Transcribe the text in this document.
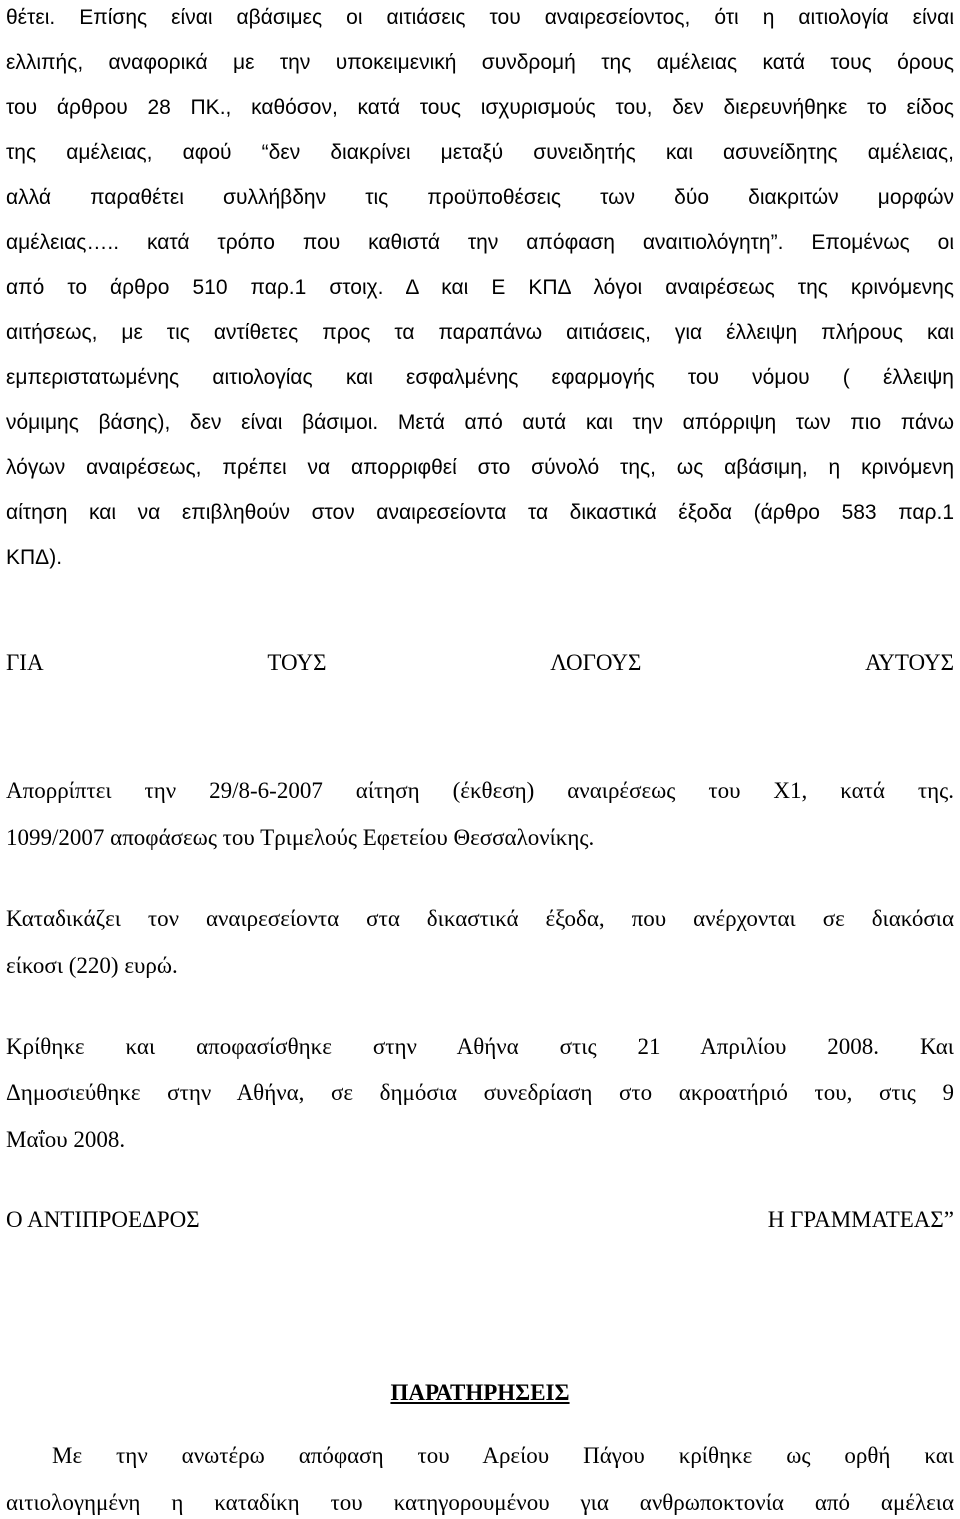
θέτει. Επίσης είναι αβάσιμες οι αιτιάσεις του αναιρεσείοντος, ότι η αιτιολογία είναι
ελλιπής, αναφορικά με την υποκειμενική συνδρομή της αμέλειας κατά τους όρους
του άρθρου 28 ΠΚ., καθόσον, κατά τους ισχυρισμούς του, δεν διερευνήθηκε το είδος
της αμέλειας, αφού “δεν διακρίνει μεταξύ συνειδητής και ασυνείδητης αμέλειας,
αλλά παραθέτει συλλήβδην τις προϋποθέσεις των δύο διακριτών μορφών
αμέλειας….. κατά τρόπο που καθιστά την απόφαση αναιτιολόγητη”. Επομένως οι
από το άρθρο 510 παρ.1 στοιχ. Δ και Ε ΚΠΔ λόγοι αναιρέσεως της κρινόμενης
αιτήσεως, με τις αντίθετες προς τα παραπάνω αιτιάσεις, για έλλειψη πλήρους και
εμπεριστατωμένης αιτιολογίας και εσφαλμένης εφαρμογής του νόμου ( έλλειψη
νόμιμης βάσης), δεν είναι βάσιμοι. Μετά από αυτά και την απόρριψη των πιο πάνω
λόγων αναιρέσεως, πρέπει να απορριφθεί στο σύνολό της, ως αβάσιμη, η κρινόμενη
αίτηση και να επιβληθούν στον αναιρεσείοντα τα δικαστικά έξοδα (άρθρο 583 παρ.1
ΚΠΔ).
ΓΙΑ	ΤΟΥΣ	ΛΟΓΟΥΣ	ΑΥΤΟΥΣ
Απορρίπτει την 29/8-6-2007 αίτηση (έκθεση) αναιρέσεως του Χ1, κατά της.
1099/2007 αποφάσεως του Τριμελούς Εφετείου Θεσσαλονίκης.
Καταδικάζει τον αναιρεσείοντα στα δικαστικά έξοδα, που ανέρχονται σε διακόσια
είκοσι (220) ευρώ.
Κρίθηκε και αποφασίσθηκε στην Αθήνα στις 21 Απριλίου 2008. Και
Δημοσιεύθηκε στην Αθήνα, σε δημόσια συνεδρίαση στο ακροατήριό του, στις 9
Μαΐου 2008.
Ο ΑΝΤΙΠΡΟΕΔΡΟΣ	Η ΓΡΑΜΜΑΤΕΑΣ”
ΠΑΡΑΤΗΡΗΣΕΙΣ
Με την ανωτέρω απόφαση του Αρείου Πάγου κρίθηκε ως ορθή και
αιτιολογημένη η καταδίκη του κατηγορουμένου για ανθρωποκτονία από αμέλεια
